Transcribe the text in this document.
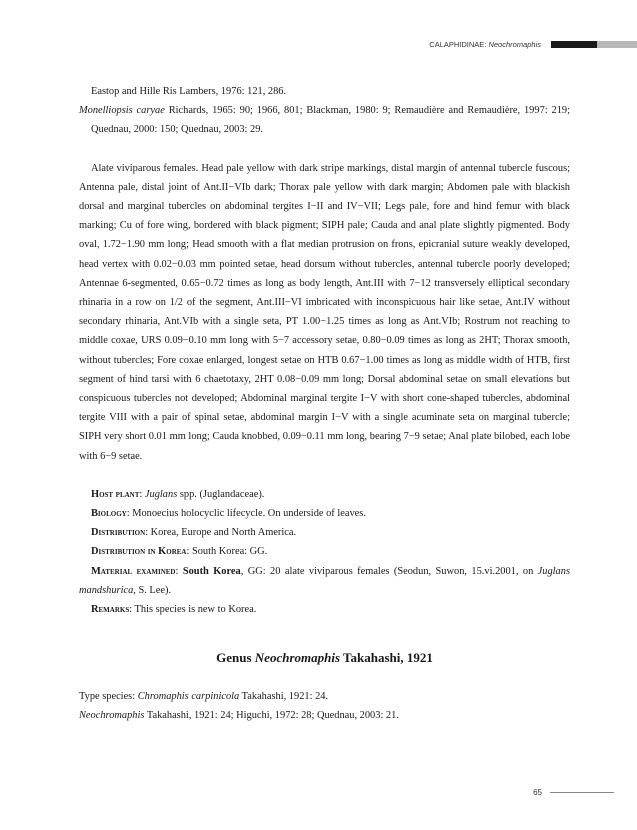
CALAPHIDINAE: Neochromaphis

Eastop and Hille Ris Lambers, 1976: 121, 286.

Monelliopsis caryae Richards, 1965: 90; 1966, 801; Blackman, 1980: 9; Remaudière and Remaudière, 1997: 219; Quednau, 2000: 150; Quednau, 2003: 29.

Alate viviparous females. Head pale yellow with dark stripe markings, distal margin of antennal tubercle fuscous; Antenna pale, distal joint of Ant.II−VIb dark; Thorax pale yellow with dark margin; Abdomen pale with blackish dorsal and marginal tubercles on abdominal tergites I−II and IV−VII; Legs pale, fore and hind femur with black marking; Cu of fore wing, bordered with black pigment; SIPH pale; Cauda and anal plate slightly pigmented. Body oval, 1.72−1.90 mm long; Head smooth with a flat median protrusion on frons, epicranial suture weakly developed, head vertex with 0.02−0.03 mm pointed setae, head dorsum without tubercles, antennal tubercle poorly developed; Antennae 6-segmented, 0.65−0.72 times as long as body length, Ant.III with 7−12 transversely elliptical secondary rhinaria in a row on 1/2 of the segment, Ant.III−VI imbricated with inconspicuous hair like setae, Ant.IV without secondary rhinaria, Ant.VIb with a single seta, PT 1.00−1.25 times as long as Ant.VIb; Rostrum not reaching to middle coxae, URS 0.09−0.10 mm long with 5−7 accessory setae, 0.80−0.09 times as long as 2HT; Thorax smooth, without tubercles; Fore coxae enlarged, longest setae on HTB 0.67−1.00 times as long as middle width of HTB, first segment of hind tarsi with 6 chaetotaxy, 2HT 0.08−0.09 mm long; Dorsal abdominal setae on small elevations but conspicuous tubercles not developed; Abdominal marginal tergite I−V with short cone-shaped tubercles, abdominal tergite VIII with a pair of spinal setae, abdominal margin I−V with a single acuminate seta on marginal tubercle; SIPH very short 0.01 mm long; Cauda knobbed, 0.09−0.11 mm long, bearing 7−9 setae; Anal plate bilobed, each lobe with 6−9 setae.

Host plant: Juglans spp. (Juglandaceae).

Biology: Monoecius holocyclic lifecycle. On underside of leaves.

Distribution: Korea, Europe and North America.

Distribution in Korea: South Korea: GG.

Material examined: South Korea, GG: 20 alate viviparous females (Seodun, Suwon, 15.vi.2001, on Juglans mandshurica, S. Lee).

Remarks: This species is new to Korea.

Genus Neochromaphis Takahashi, 1921

Type species: Chromaphis carpinicola Takahashi, 1921: 24.

Neochromaphis Takahashi, 1921: 24; Higuchi, 1972: 28; Quednau, 2003: 21.

65
